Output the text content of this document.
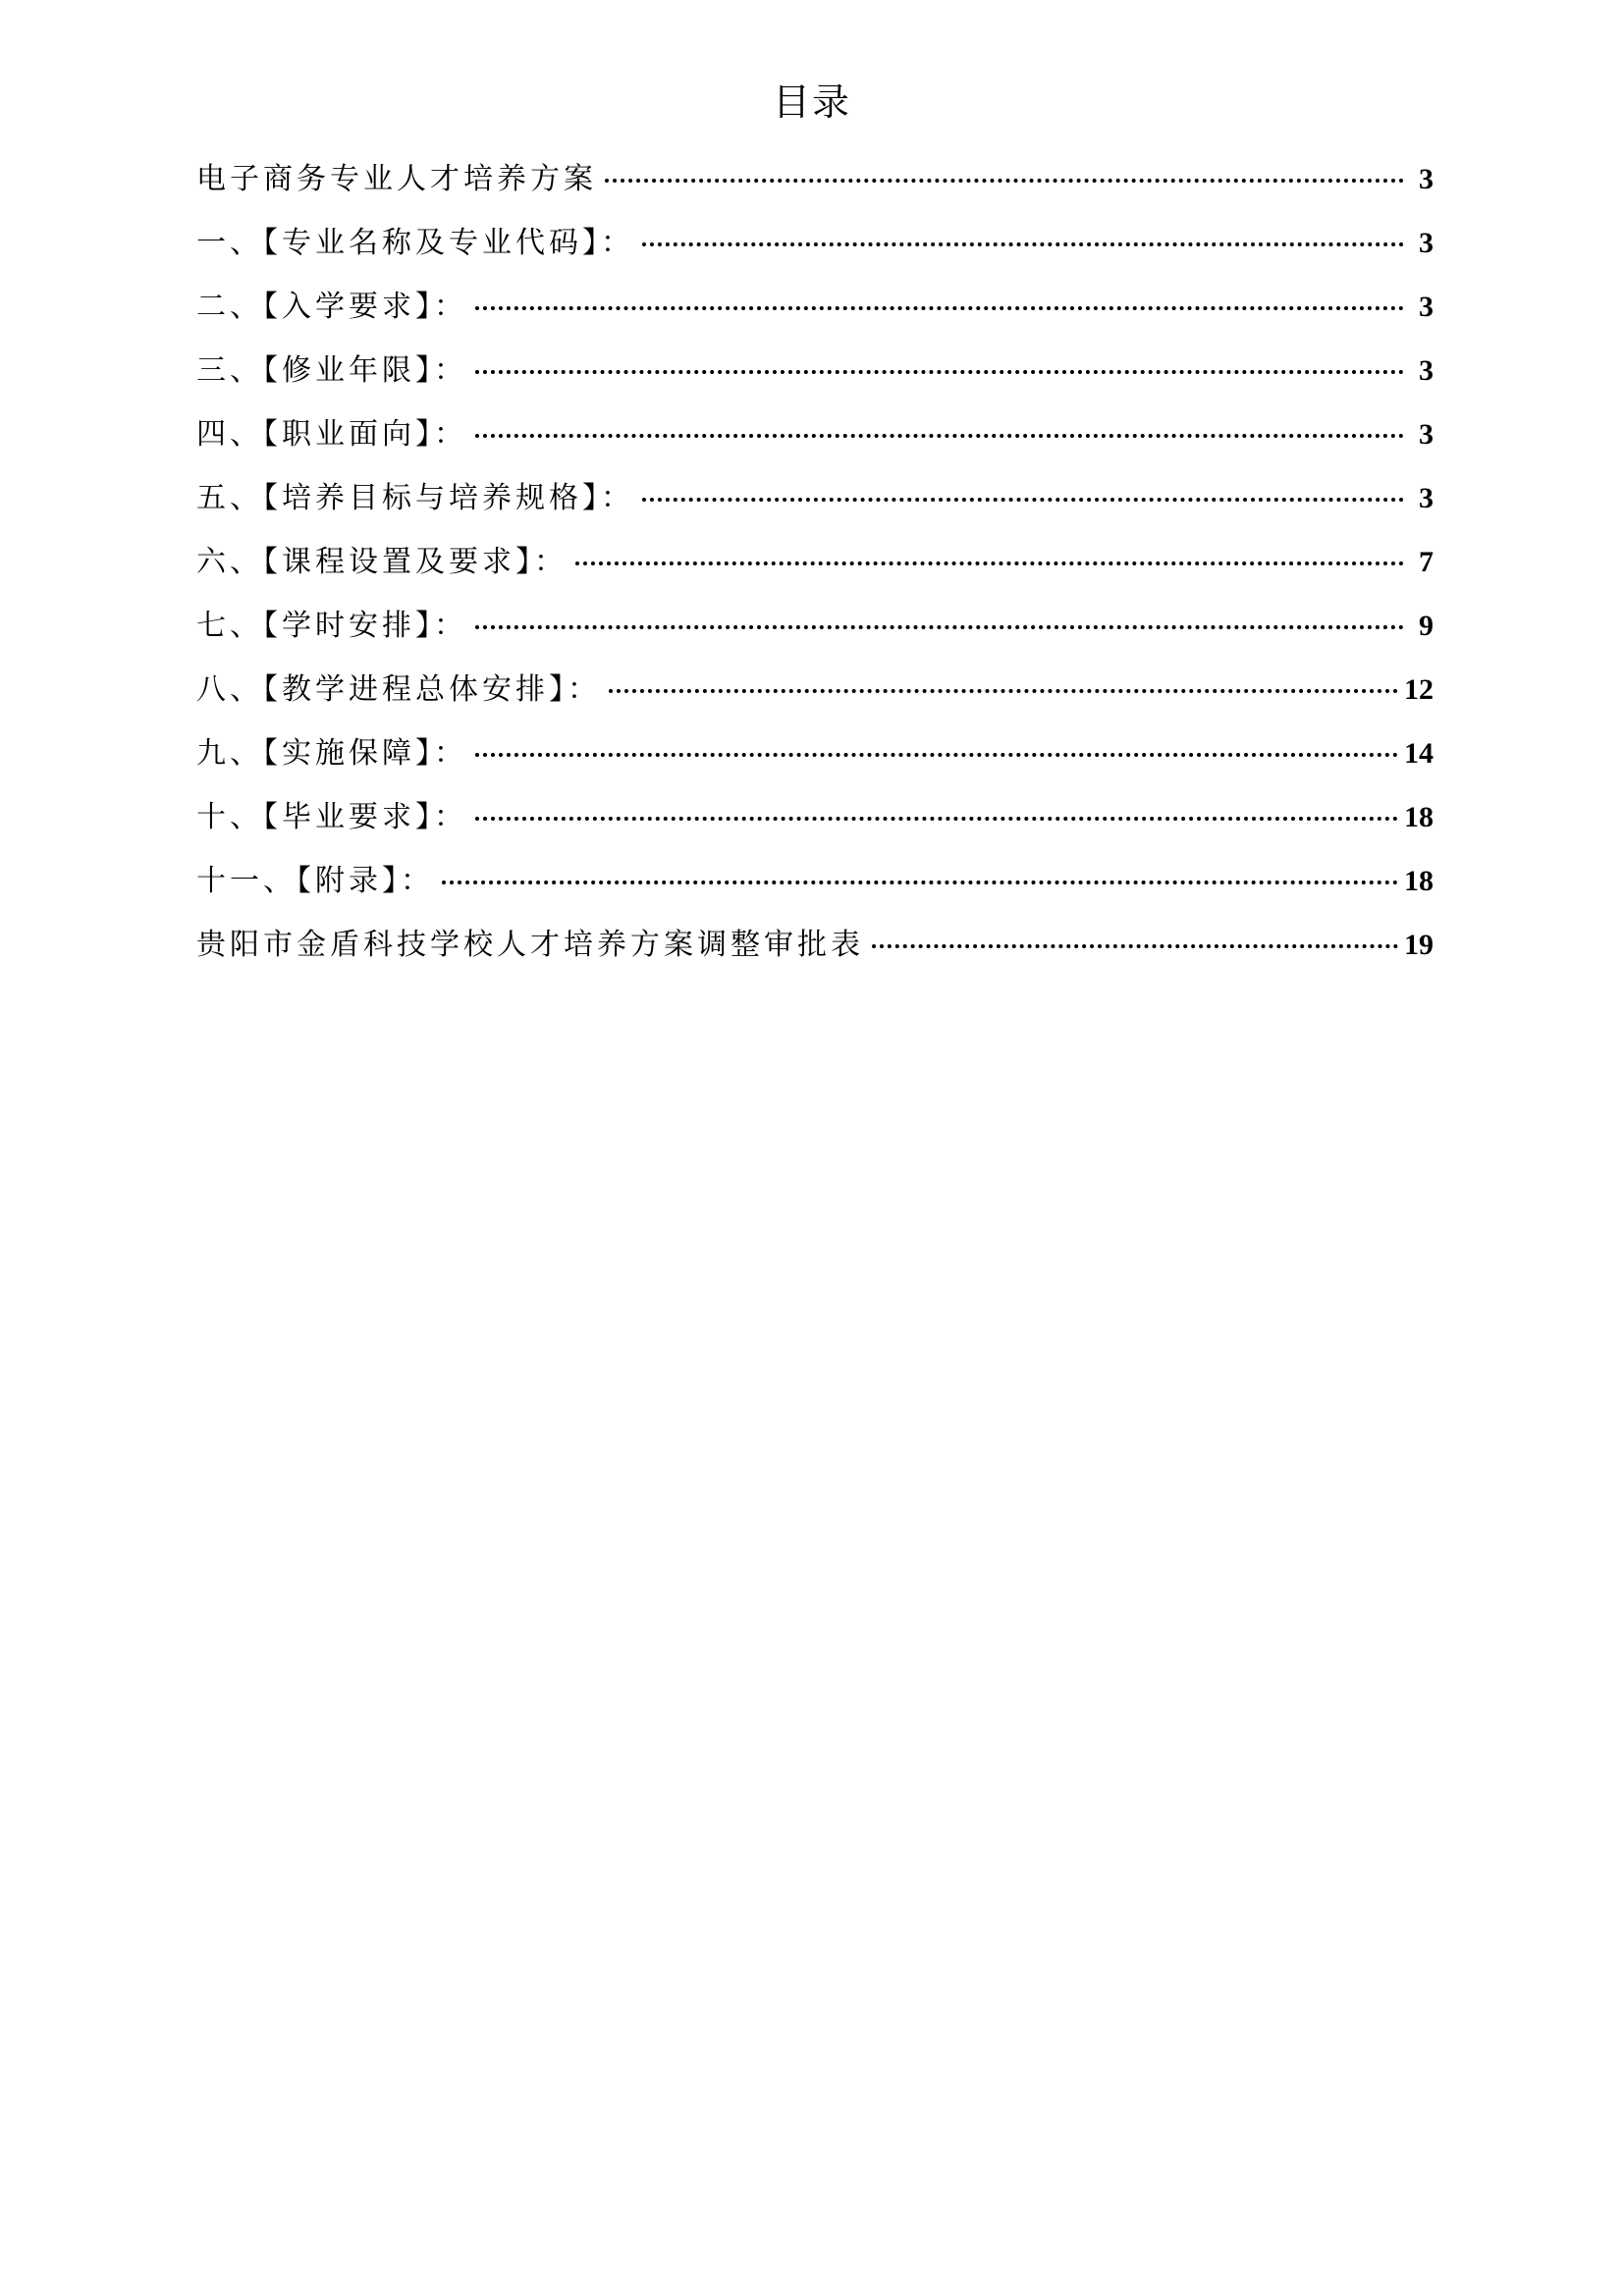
目录
电子商务专业人才培养方案	3
一、【专业名称及专业代码】：	3
二、【入学要求】：	3
三、【修业年限】：	3
四、【职业面向】：	3
五、【培养目标与培养规格】：	3
六、【课程设置及要求】：	7
七、【学时安排】：	9
八、【教学进程总体安排】：	12
九、【实施保障】：	14
十、【毕业要求】：	18
十一、【附录】：	18
贵阳市金盾科技学校人才培养方案调整审批表	19
